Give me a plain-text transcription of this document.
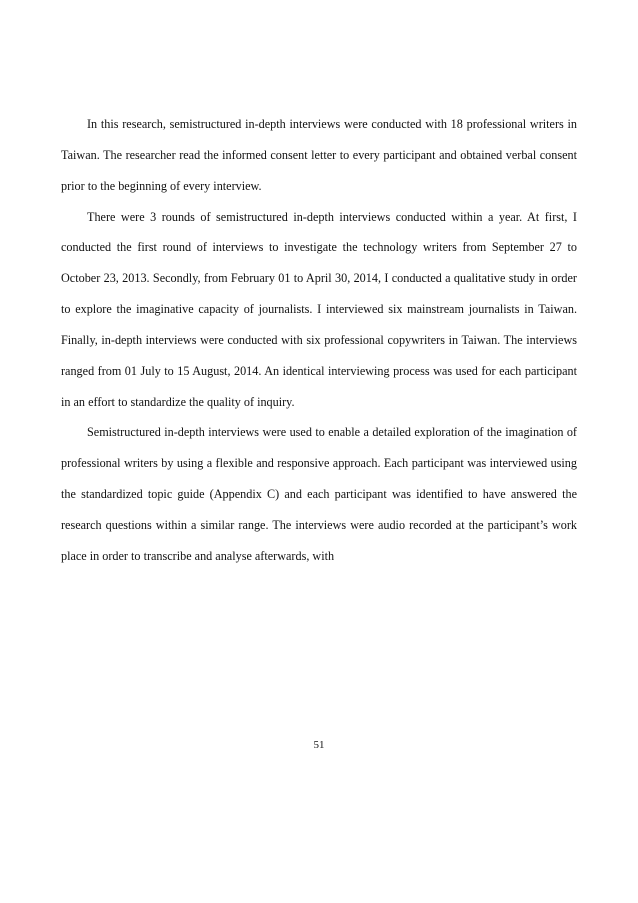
In this research, semistructured in-depth interviews were conducted with 18 professional writers in Taiwan. The researcher read the informed consent letter to every participant and obtained verbal consent prior to the beginning of every interview.

There were 3 rounds of semistructured in-depth interviews conducted within a year. At first, I conducted the first round of interviews to investigate the technology writers from September 27 to October 23, 2013. Secondly, from February 01 to April 30, 2014, I conducted a qualitative study in order to explore the imaginative capacity of journalists. I interviewed six mainstream journalists in Taiwan. Finally, in-depth interviews were conducted with six professional copywriters in Taiwan. The interviews ranged from 01 July to 15 August, 2014. An identical interviewing process was used for each participant in an effort to standardize the quality of inquiry.

Semistructured in-depth interviews were used to enable a detailed exploration of the imagination of professional writers by using a flexible and responsive approach. Each participant was interviewed using the standardized topic guide (Appendix C) and each participant was identified to have answered the research questions within a similar range. The interviews were audio recorded at the participant’s work place in order to transcribe and analyse afterwards, with

51
